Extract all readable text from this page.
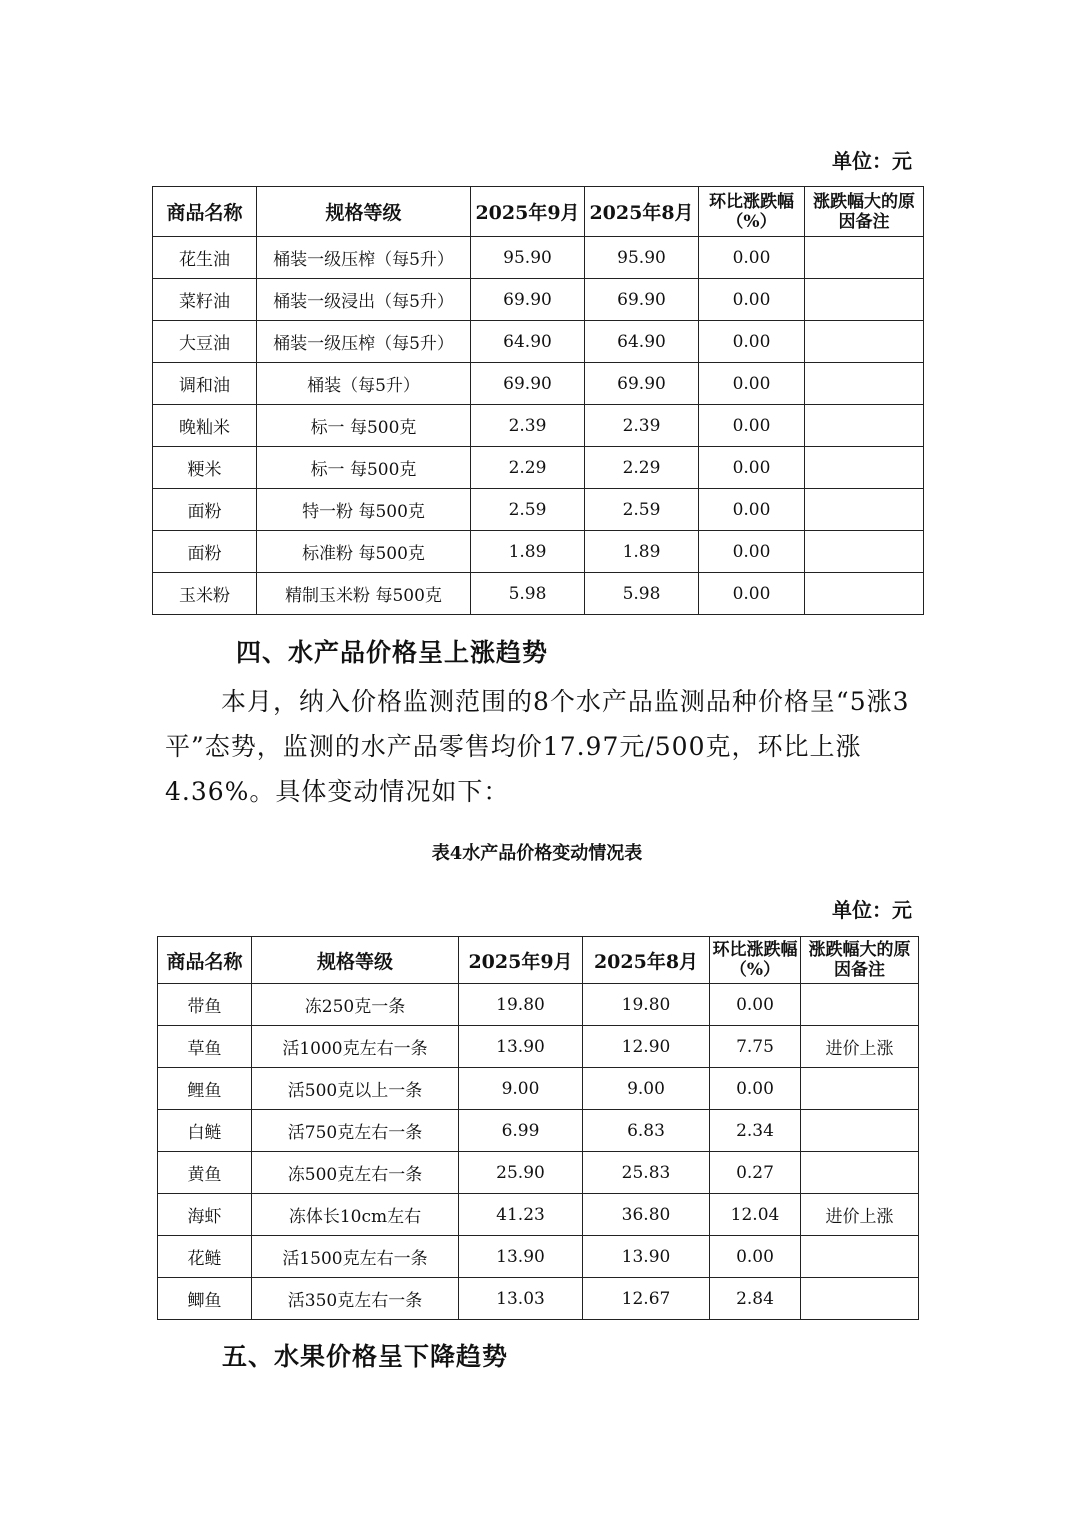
单位：元
商品名称	规格等级	2025年9月	2025年8月	环比涨跌幅（%）	涨跌幅大的原因备注
花生油	桶装一级压榨（每5升）	95.90	95.90	0.00	
菜籽油	桶装一级浸出（每5升）	69.90	69.90	0.00	
大豆油	桶装一级压榨（每5升）	64.90	64.90	0.00	
调和油	桶装（每5升）	69.90	69.90	0.00	
晚籼米	标一 每500克	2.39	2.39	0.00	
粳米	标一 每500克	2.29	2.29	0.00	
面粉	特一粉 每500克	2.59	2.59	0.00	
面粉	标准粉 每500克	1.89	1.89	0.00	
玉米粉	精制玉米粉 每500克	5.98	5.98	0.00	
四、水产品价格呈上涨趋势
本月，纳入价格监测范围的8个水产品监测品种价格呈“5涨3平”态势，监测的水产品零售均价17.97元/500克，环比上涨4.36%。具体变动情况如下：
表4水产品价格变动情况表
单位：元
商品名称	规格等级	2025年9月	2025年8月	环比涨跌幅（%）	涨跌幅大的原因备注
带鱼	冻250克一条	19.80	19.80	0.00	
草鱼	活1000克左右一条	13.90	12.90	7.75	进价上涨
鲤鱼	活500克以上一条	9.00	9.00	0.00	
白鲢	活750克左右一条	6.99	6.83	2.34	
黄鱼	冻500克左右一条	25.90	25.83	0.27	
海虾	冻体长10cm左右	41.23	36.80	12.04	进价上涨
花鲢	活1500克左右一条	13.90	13.90	0.00	
鲫鱼	活350克左右一条	13.03	12.67	2.84	
五、水果价格呈下降趋势
